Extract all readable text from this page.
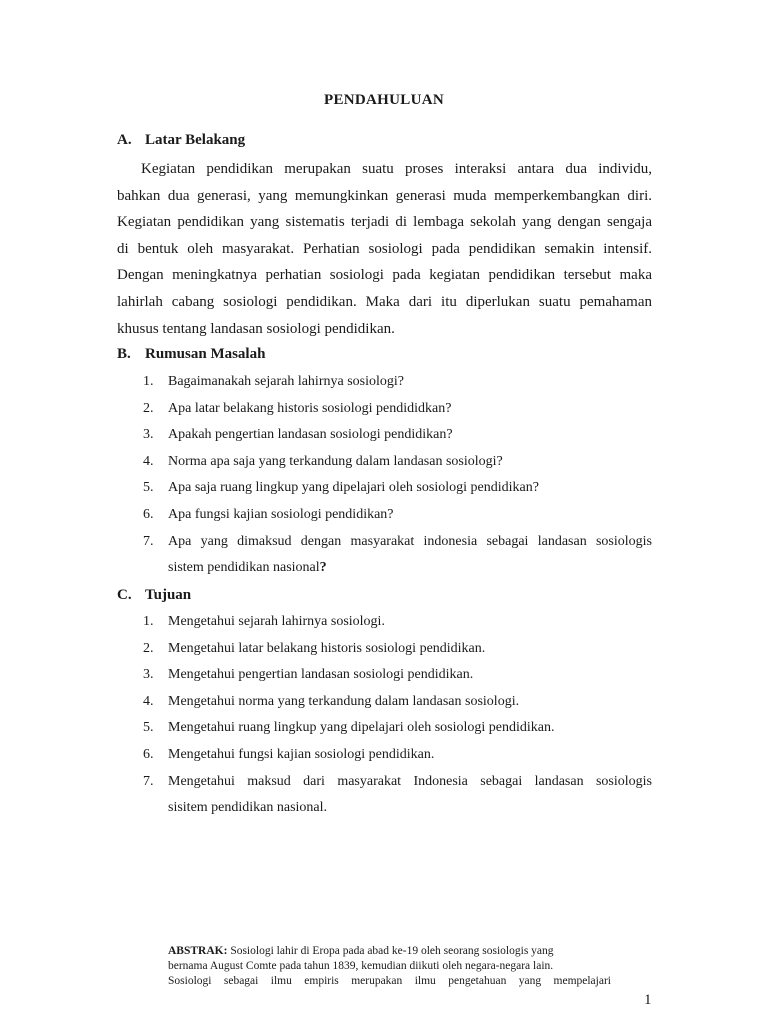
PENDAHULUAN
A. Latar Belakang
Kegiatan pendidikan merupakan suatu proses interaksi antara dua individu,
bahkan dua generasi, yang memungkinkan generasi muda memperkembangkan diri.
Kegiatan pendidikan yang sistematis terjadi di lembaga sekolah yang dengan sengaja
di bentuk oleh masyarakat. Perhatian sosiologi pada pendidikan semakin intensif.
Dengan meningkatnya perhatian sosiologi pada kegiatan pendidikan tersebut maka
lahirlah cabang sosiologi pendidikan. Maka dari itu diperlukan suatu pemahaman
khusus tentang landasan sosiologi pendidikan.
B. Rumusan Masalah
1. Bagaimanakah sejarah lahirnya sosiologi?
2. Apa latar belakang historis sosiologi pendididkan?
3. Apakah pengertian landasan sosiologi pendidikan?
4. Norma apa saja yang terkandung dalam landasan sosiologi?
5. Apa saja ruang lingkup yang dipelajari oleh sosiologi pendidikan?
6. Apa fungsi kajian sosiologi pendidikan?
7. Apa yang dimaksud dengan masyarakat indonesia sebagai landasan sosiologis
sistem pendidikan nasional?
C. Tujuan
1. Mengetahui sejarah lahirnya sosiologi.
2. Mengetahui latar belakang historis sosiologi pendidikan.
3. Mengetahui pengertian landasan sosiologi pendidikan.
4. Mengetahui norma yang terkandung dalam landasan sosiologi.
5. Mengetahui ruang lingkup yang dipelajari oleh sosiologi pendidikan.
6. Mengetahui fungsi kajian sosiologi pendidikan.
7. Mengetahui maksud dari masyarakat Indonesia sebagai landasan sosiologis
sisitem pendidikan nasional.
ABSTRAK: Sosiologi lahir di Eropa pada abad ke-19 oleh seorang sosiologis yang
bernama August Comte pada tahun 1839, kemudian diikuti oleh negara-negara lain.
Sosiologi sebagai ilmu empiris merupakan ilmu pengetahuan yang mempelajari
1
